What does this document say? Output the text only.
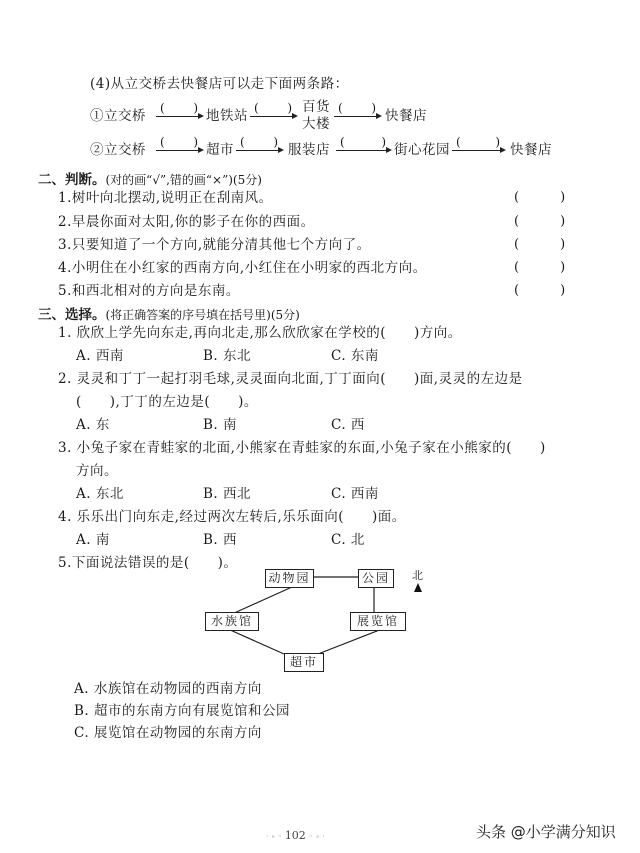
(4)从立交桥去快餐店可以走下面两条路：
①立交桥 ( ) 地铁站 ( ) 百货
大楼
( ) 快餐店
②立交桥 ( ) 超市 ( ) 服装店 (	) 街心花园 (	) 快餐店
二、判断。(对的画“√”,错的画“×”)(5分)
1.树叶向北摆动,说明正在刮南风。	(　　　)
2.早晨你面对太阳,你的影子在你的西面。	(　　　)
3.只要知道了一个方向,就能分清其他七个方向了。	(　　　)
4.小明住在小红家的西南方向,小红住在小明家的西北方向。	(　　　)
5.和西北相对的方向是东南。	(　　　)
三、选择。(将正确答案的序号填在括号里)(5分)
1. 欣欣上学先向东走,再向北走,那么欣欣家在学校的(　　)方向。
A. 西南	B. 东北	C. 东南
2. 灵灵和丁丁一起打羽毛球,灵灵面向北面,丁丁面向(　　)面,灵灵的左边是
(　　),丁丁的左边是(　　)。
A. 东	B. 南	C. 西
3. 小兔子家在青蛙家的北面,小熊家在青蛙家的东面,小兔子家在小熊家的(　　)
方向。
A. 东北	B. 西北	C. 西南
4. 乐乐出门向东走,经过两次左转后,乐乐面向(　　)面。
A. 南	B. 西	C. 北
5.下面说法错误的是(　　)。
动物园	公园
水族馆	展览馆
超市
北
A. 水族馆在动物园的西南方向
B. 超市的东南方向有展览馆和公园
C. 展览馆在动物园的东南方向
· ∘ ◦ 102 ◦ ∘ ·	头条 @小学满分知识
